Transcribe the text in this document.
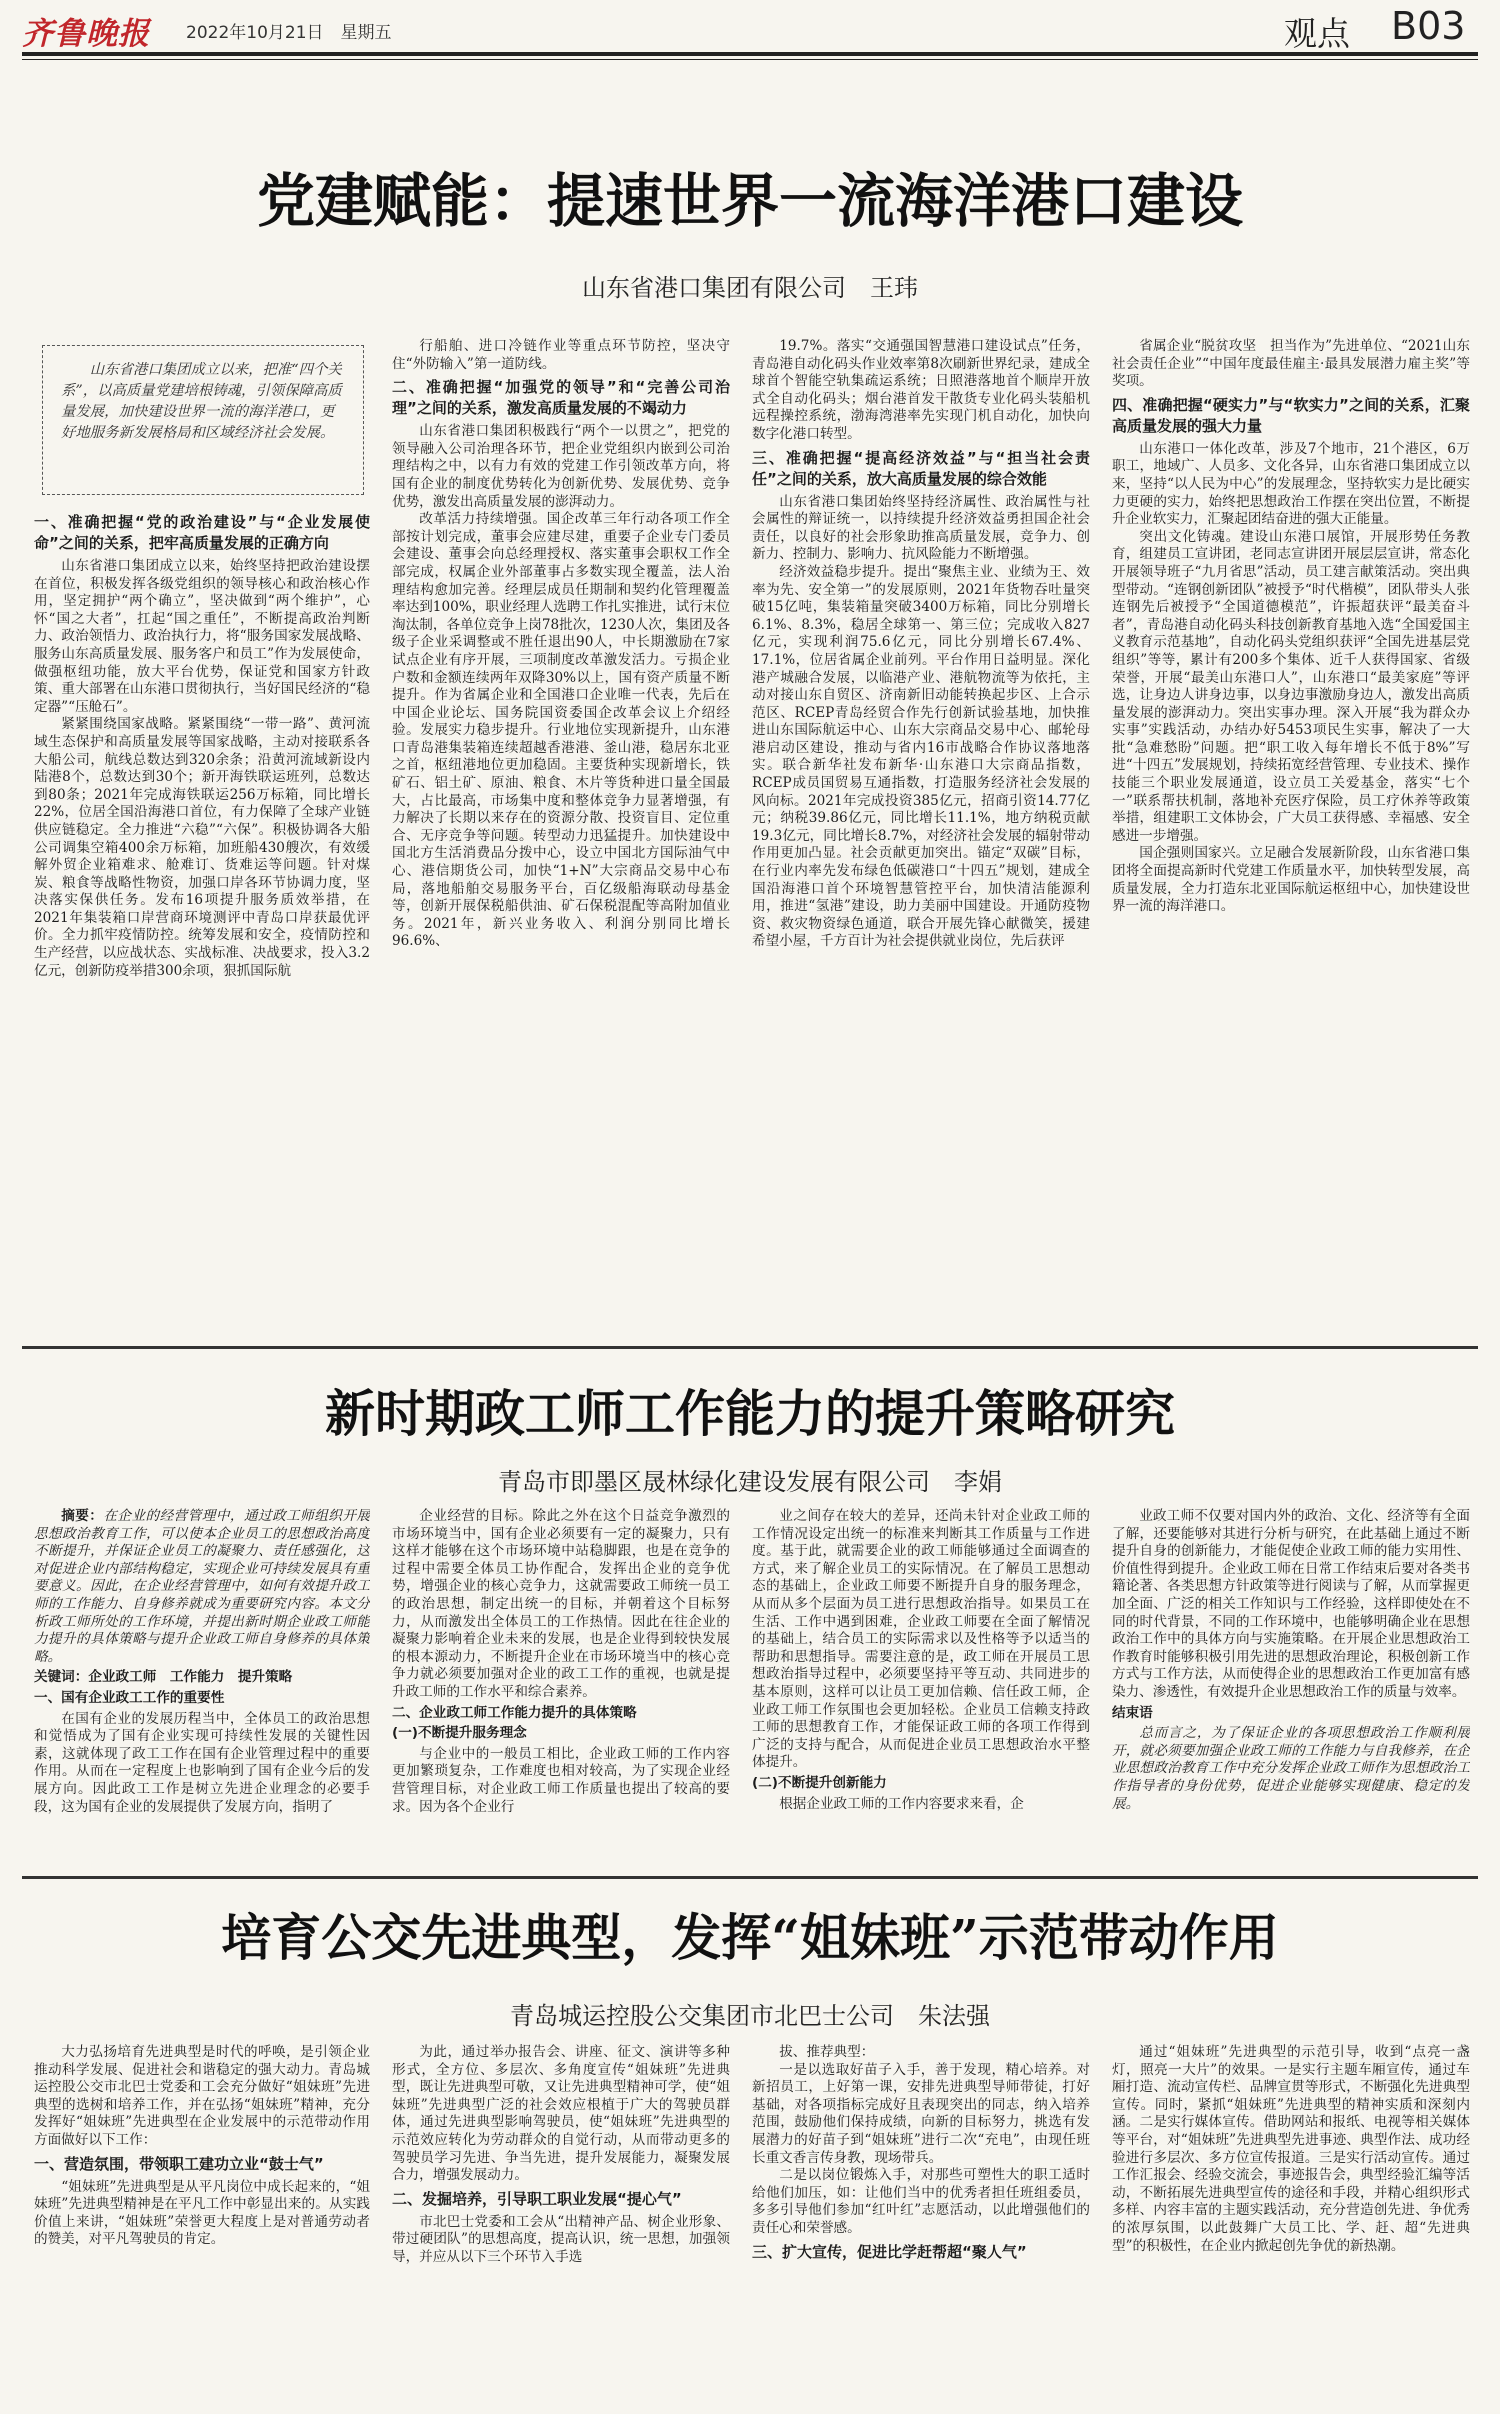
齐鲁晚报 2022年10月21日　星期五	观点 B03
党建赋能：提速世界一流海洋港口建设
山东省港口集团有限公司　王玮
山东省港口集团成立以来，把准“四个关系”，以高质量党建培根铸魂，引领保障高质量发展，加快建设世界一流的海洋港口，更好地服务新发展格局和区域经济社会发展。

一、准确把握“党的政治建设”与“企业发展使命”之间的关系，把牢高质量发展的正确方向

山东省港口集团成立以来，始终坚持把政治建设摆在首位，积极发挥各级党组织的领导核心和政治核心作用，坚定拥护“两个确立”，坚决做到“两个维护”，心怀“国之大者”，扛起“国之重任”，不断提高政治判断力、政治领悟力、政治执行力，将“服务国家发展战略、服务山东高质量发展、服务客户和员工”作为发展使命，做强枢纽功能，放大平台优势，保证党和国家方针政策、重大部署在山东港口贯彻执行，当好国民经济的“稳定器”“压舱石”。

紧紧围绕国家战略。紧紧围绕“一带一路”、黄河流域生态保护和高质量发展等国家战略，主动对接联系各大船公司，航线总数达到320余条；沿黄河流域新设内陆港8个，总数达到30个；新开海铁联运班列，总数达到80条；2021年完成海铁联运256万标箱，同比增长22%，位居全国沿海港口首位，有力保障了全球产业链供应链稳定。全力推进“六稳”“六保”。积极协调各大船公司调集空箱400余万标箱，加班船430艘次，有效缓解外贸企业箱难求、舱难订、货难运等问题。针对煤炭、粮食等战略性物资，加强口岸各环节协调力度，坚决落实保供任务。发布16项提升服务质效举措，在2021年集装箱口岸营商环境测评中青岛口岸获最优评价。全力抓牢疫情防控。统筹发展和安全，疫情防控和生产经营，以应战状态、实战标准、决战要求，投入3.2亿元，创新防疫举措300余项，狠抓国际航

行船舶、进口冷链作业等重点环节防控，坚决守住“外防输入”第一道防线。

二、准确把握“加强党的领导”和“完善公司治理”之间的关系，激发高质量发展的不竭动力

山东省港口集团积极践行“两个一以贯之”，把党的领导融入公司治理各环节，把企业党组织内嵌到公司治理结构之中，以有力有效的党建工作引领改革方向，将国有企业的制度优势转化为创新优势、发展优势、竞争优势，激发出高质量发展的澎湃动力。

改革活力持续增强。国企改革三年行动各项工作全部按计划完成，董事会应建尽建，重要子企业专门委员会建设、董事会向总经理授权、落实董事会职权工作全部完成，权属企业外部董事占多数实现全覆盖，法人治理结构愈加完善。经理层成员任期制和契约化管理覆盖率达到100%，职业经理人选聘工作扎实推进，试行末位淘汰制，各单位竞争上岗78批次，1230人次，集团及各级子企业采调整或不胜任退出90人，中长期激励在7家试点企业有序开展，三项制度改革激发活力。亏损企业户数和金额连续两年双降30%以上，国有资产质量不断提升。作为省属企业和全国港口企业唯一代表，先后在中国企业论坛、国务院国资委国企改革会议上介绍经验。发展实力稳步提升。行业地位实现新提升，山东港口青岛港集装箱连续超越香港港、釜山港，稳居东北亚之首，枢纽港地位更加稳固。主要货种实现新增长，铁矿石、铝土矿、原油、粮食、木片等货种进口量全国最大，占比最高，市场集中度和整体竞争力显著增强，有力解决了长期以来存在的资源分散、投资盲目、定位重合、无序竞争等问题。转型动力迅猛提升。加快建设中国北方生活消费品分拨中心，设立中国北方国际油气中心、港信期货公司，加快“1+N”大宗商品交易中心布局，落地船舶交易服务平台，百亿级船海联动母基金等，创新开展保税船供油、矿石保税混配等高附加值业务。2021年，新兴业务收入、利润分别同比增长96.6%、

19.7%。落实“交通强国智慧港口建设试点”任务，青岛港自动化码头作业效率第8次刷新世界纪录，建成全球首个智能空轨集疏运系统；日照港落地首个顺岸开放式全自动化码头；烟台港首发干散货专业化码头装船机远程操控系统，渤海湾港率先实现门机自动化，加快向数字化港口转型。

三、准确把握“提高经济效益”与“担当社会责任”之间的关系，放大高质量发展的综合效能

山东省港口集团始终坚持经济属性、政治属性与社会属性的辩证统一，以持续提升经济效益勇担国企社会责任，以良好的社会形象助推高质量发展，竞争力、创新力、控制力、影响力、抗风险能力不断增强。

经济效益稳步提升。提出“聚焦主业、业绩为王、效率为先、安全第一”的发展原则，2021年货物吞吐量突破15亿吨，集装箱量突破3400万标箱，同比分别增长6.1%、8.3%，稳居全球第一、第三位；完成收入827亿元，实现利润75.6亿元，同比分别增长67.4%、17.1%，位居省属企业前列。平台作用日益明显。深化港产城融合发展，以临港产业、港航物流等为依托，主动对接山东自贸区、济南新旧动能转换起步区、上合示范区、RCEP青岛经贸合作先行创新试验基地，加快推进山东国际航运中心、山东大宗商品交易中心、邮轮母港启动区建设，推动与省内16市战略合作协议落地落实。联合新华社发布新华·山东港口大宗商品指数，RCEP成员国贸易互通指数，打造服务经济社会发展的风向标。2021年完成投资385亿元，招商引资14.77亿元；纳税39.86亿元，同比增长11.1%，地方纳税贡献19.3亿元，同比增长8.7%，对经济社会发展的辐射带动作用更加凸显。社会贡献更加突出。锚定“双碳”目标，在行业内率先发布绿色低碳港口“十四五”规划，建成全国沿海港口首个环境智慧管控平台，加快清洁能源利用，推进“氢港”建设，助力美丽中国建设。开通防疫物资、救灾物资绿色通道，联合开展先锋心献微笑，援建希望小屋，千方百计为社会提供就业岗位，先后获评

省属企业“脱贫攻坚　担当作为”先进单位、“2021山东社会责任企业”“中国年度最佳雇主·最具发展潜力雇主奖”等奖项。

四、准确把握“硬实力”与“软实力”之间的关系，汇聚高质量发展的强大力量

山东港口一体化改革，涉及7个地市，21个港区，6万职工，地域广、人员多、文化各异，山东省港口集团成立以来，坚持“以人民为中心”的发展理念，坚持软实力是比硬实力更硬的实力，始终把思想政治工作摆在突出位置，不断提升企业软实力，汇聚起团结奋进的强大正能量。

突出文化铸魂。建设山东港口展馆，开展形势任务教育，组建员工宣讲团，老同志宣讲团开展层层宣讲，常态化开展领导班子“九月省思”活动，员工建言献策活动。突出典型带动。“连钢创新团队”被授予“时代楷模”，团队带头人张连钢先后被授予“全国道德模范”，许振超获评“最美奋斗者”，青岛港自动化码头科技创新教育基地入选“全国爱国主义教育示范基地”，自动化码头党组织获评“全国先进基层党组织”等等，累计有200多个集体、近千人获得国家、省级荣誉，开展“最美山东港口人”，山东港口“最美家庭”等评选，让身边人讲身边事，以身边事激励身边人，激发出高质量发展的澎湃动力。突出实事办理。深入开展“我为群众办实事”实践活动，办结办好5453项民生实事，解决了一大批“急难愁盼”问题。把“职工收入每年增长不低于8%”写进“十四五”发展规划，持续拓宽经营管理、专业技术、操作技能三个职业发展通道，设立员工关爱基金，落实“七个一”联系帮扶机制，落地补充医疗保险，员工疗休养等政策举措，组建职工文体协会，广大员工获得感、幸福感、安全感进一步增强。

国企强则国家兴。立足融合发展新阶段，山东省港口集团将全面提高新时代党建工作质量水平，加快转型发展，高质量发展，全力打造东北亚国际航运枢纽中心，加快建设世界一流的海洋港口。

新时期政工师工作能力的提升策略研究
青岛市即墨区晟林绿化建设发展有限公司　李娟

摘要：在企业的经营管理中，通过政工师组织开展思想政治教育工作，可以使本企业员工的思想政治高度不断提升，并保证企业员工的凝聚力、责任感强化，这对促进企业内部结构稳定，实现企业可持续发展具有重要意义。因此，在企业经营管理中，如何有效提升政工师的工作能力、自身修养就成为重要研究内容。本文分析政工师所处的工作环境，并提出新时期企业政工师能力提升的具体策略与提升企业政工师自身修养的具体策略。

关键词：企业政工师　工作能力　提升策略

一、国有企业政工工作的重要性

在国有企业的发展历程当中，全体员工的政治思想和觉悟成为了国有企业实现可持续性发展的关键性因素，这就体现了政工工作在国有企业管理过程中的重要作用。从而在一定程度上也影响到了国有企业今后的发展方向。因此政工工作是树立先进企业理念的必要手段，这为国有企业的发展提供了发展方向，指明了

企业经营的目标。除此之外在这个日益竞争激烈的市场环境当中，国有企业必须要有一定的凝聚力，只有这样才能够在这个市场环境中站稳脚跟，也是在竞争的过程中需要全体员工协作配合，发挥出企业的竞争优势，增强企业的核心竞争力，这就需要政工师统一员工的政治思想，制定出统一的目标，并朝着这个目标努力，从而激发出全体员工的工作热情。因此在往企业的凝聚力影响着企业未来的发展，也是企业得到较快发展的根本源动力，不断提升企业在市场环境当中的核心竞争力就必须要加强对企业的政工工作的重视，也就是提升政工师的工作水平和综合素养。

二、企业政工师工作能力提升的具体策略

(一)不断提升服务理念

与企业中的一般员工相比，企业政工师的工作内容更加繁琐复杂，工作难度也相对较高，为了实现企业经营管理目标，对企业政工师工作质量也提出了较高的要求。因为各个企业行

业之间存在较大的差异，还尚未针对企业政工师的工作情况设定出统一的标准来判断其工作质量与工作进度。基于此，就需要企业的政工师能够通过全面调查的方式，来了解企业员工的实际情况。在了解员工思想动态的基础上，企业政工师要不断提升自身的服务理念，从而从多个层面为员工进行思想政治指导。如果员工在生活、工作中遇到困难，企业政工师要在全面了解情况的基础上，结合员工的实际需求以及性格等予以适当的帮助和思想指导。需要注意的是，政工师在开展员工思想政治指导过程中，必须要坚持平等互动、共同进步的基本原则，这样可以让员工更加信赖、信任政工师，企业政工师工作氛围也会更加轻松。企业员工信赖支持政工师的思想教育工作，才能保证政工师的各项工作得到广泛的支持与配合，从而促进企业员工思想政治水平整体提升。

(二)不断提升创新能力

根据企业政工师的工作内容要求来看，企

业政工师不仅要对国内外的政治、文化、经济等有全面了解，还要能够对其进行分析与研究，在此基础上通过不断提升自身的创新能力，才能促使企业政工师的能力实用性、价值性得到提升。企业政工师在日常工作结束后要对各类书籍论著、各类思想方针政策等进行阅读与了解，从而掌握更加全面、广泛的相关工作知识与工作经验，这样即使处在不同的时代背景，不同的工作环境中，也能够明确企业在思想政治工作中的具体方向与实施策略。在开展企业思想政治工作教育时能够积极引用先进的思想政治理论，积极创新工作方式与工作方法，从而使得企业的思想政治工作更加富有感染力、渗透性，有效提升企业思想政治工作的质量与效率。

结束语

总而言之，为了保证企业的各项思想政治工作顺利展开，就必须要加强企业政工师的工作能力与自我修养，在企业思想政治教育工作中充分发挥企业政工师作为思想政治工作指导者的身份优势，促进企业能够实现健康、稳定的发展。

培育公交先进典型，发挥“姐妹班”示范带动作用
青岛城运控股公交集团市北巴士公司　朱法强

大力弘扬培育先进典型是时代的呼唤，是引领企业推动科学发展、促进社会和谐稳定的强大动力。青岛城运控股公交市北巴士党委和工会充分做好“姐妹班”先进典型的选树和培养工作，并在弘扬“姐妹班”精神，充分发挥好“姐妹班”先进典型在企业发展中的示范带动作用方面做好以下工作：

一、营造氛围，带领职工建功立业“鼓士气”

“姐妹班”先进典型是从平凡岗位中成长起来的，“姐妹班”先进典型精神是在平凡工作中彰显出来的。从实践价值上来讲，“姐妹班”荣誉更大程度上是对普通劳动者的赞美，对平凡驾驶员的肯定。

为此，通过举办报告会、讲座、征文、演讲等多种形式，全方位、多层次、多角度宣传“姐妹班”先进典型，既让先进典型可敬，又让先进典型精神可学，使“姐妹班”先进典型广泛的社会效应根植于广大的驾驶员群体，通过先进典型影响驾驶员，使“姐妹班”先进典型的示范效应转化为劳动群众的自觉行动，从而带动更多的驾驶员学习先进、争当先进，提升发展能力，凝聚发展合力，增强发展动力。

二、发掘培养，引导职工职业发展“提心气”

市北巴士党委和工会从“出精神产品、树企业形象、带过硬团队”的思想高度，提高认识，统一思想，加强领导，并应从以下三个环节入手选

拔、推荐典型：

一是以选取好苗子入手，善于发现，精心培养。对新招员工，上好第一课，安排先进典型导师带徒，打好基础，对各项指标完成好且表现突出的同志，纳入培养范围，鼓励他们保持成绩，向新的目标努力，挑选有发展潜力的好苗子到“姐妹班”进行二次“充电”，由现任班长重文香言传身教，现场带兵。

二是以岗位锻炼入手，对那些可塑性大的职工适时给他们加压，如：让他们当中的优秀者担任班组委员，多多引导他们参加“红叶红”志愿活动，以此增强他们的责任心和荣誉感。

三、扩大宣传，促进比学赶帮超“聚人气”

通过“姐妹班”先进典型的示范引导，收到“点亮一盏灯，照亮一大片”的效果。一是实行主题车厢宣传，通过车厢打造、流动宣传栏、品牌宣贯等形式，不断强化先进典型宣传。同时，紧抓“姐妹班”先进典型的精神实质和深刻内涵。二是实行媒体宣传。借助网站和报纸、电视等相关媒体等平台，对“姐妹班”先进典型先进事迹、典型作法、成功经验进行多层次、多方位宣传报道。三是实行活动宣传。通过工作汇报会、经验交流会，事迹报告会，典型经验汇编等活动，不断拓展先进典型宣传的途径和手段，并精心组织形式多样、内容丰富的主题实践活动，充分营造创先进、争优秀的浓厚氛围，以此鼓舞广大员工比、学、赶、超“先进典型”的积极性，在企业内掀起创先争优的新热潮。
